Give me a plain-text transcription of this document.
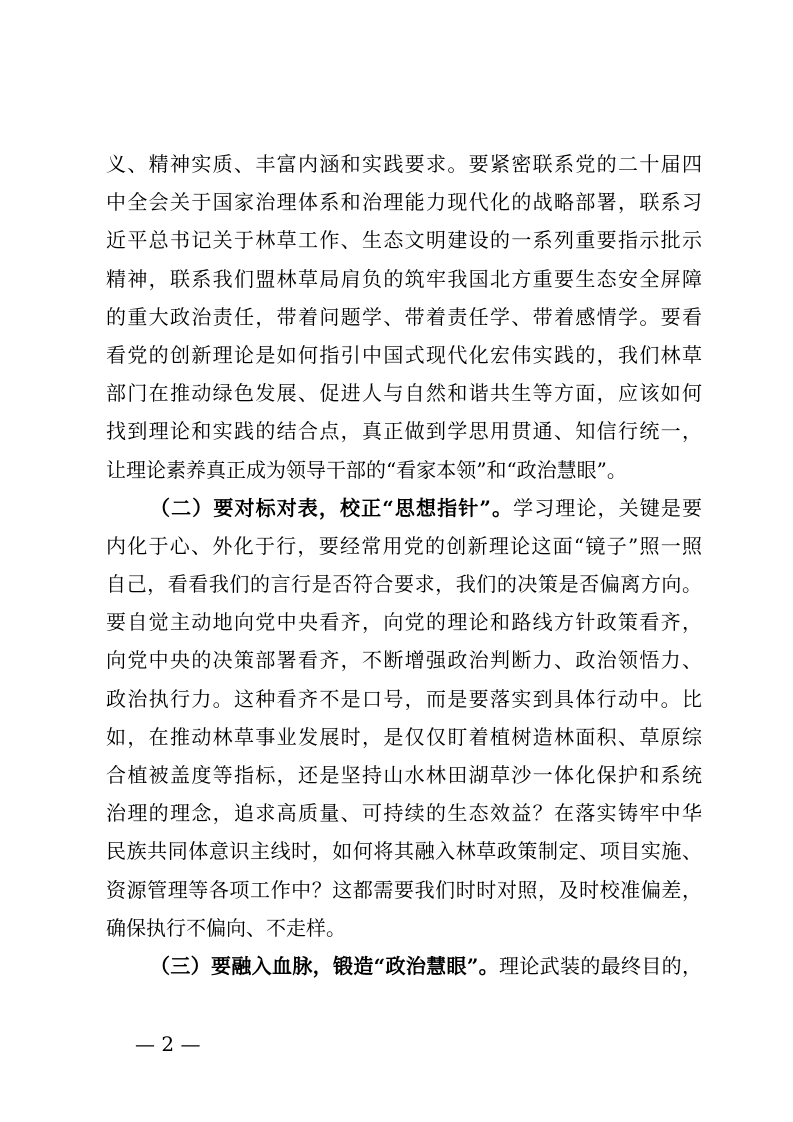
义、精神实质、丰富内涵和实践要求。要紧密联系党的二十届四
中全会关于国家治理体系和治理能力现代化的战略部署，联系习
近平总书记关于林草工作、生态文明建设的一系列重要指示批示
精神，联系我们盟林草局肩负的筑牢我国北方重要生态安全屏障
的重大政治责任，带着问题学、带着责任学、带着感情学。要看
看党的创新理论是如何指引中国式现代化宏伟实践的，我们林草
部门在推动绿色发展、促进人与自然和谐共生等方面，应该如何
找到理论和实践的结合点，真正做到学思用贯通、知信行统一，
让理论素养真正成为领导干部的“看家本领”和“政治慧眼”。
（二）要对标对表，校正“思想指针”。学习理论，关键是要
内化于心、外化于行，要经常用党的创新理论这面“镜子”照一照
自己，看看我们的言行是否符合要求，我们的决策是否偏离方向。
要自觉主动地向党中央看齐，向党的理论和路线方针政策看齐，
向党中央的决策部署看齐，不断增强政治判断力、政治领悟力、
政治执行力。这种看齐不是口号，而是要落实到具体行动中。比
如，在推动林草事业发展时，是仅仅盯着植树造林面积、草原综
合植被盖度等指标，还是坚持山水林田湖草沙一体化保护和系统
治理的理念，追求高质量、可持续的生态效益？在落实铸牢中华
民族共同体意识主线时，如何将其融入林草政策制定、项目实施、
资源管理等各项工作中？这都需要我们时时对照，及时校准偏差，
确保执行不偏向、不走样。
（三）要融入血脉，锻造“政治慧眼”。理论武装的最终目的，
— 2 —
